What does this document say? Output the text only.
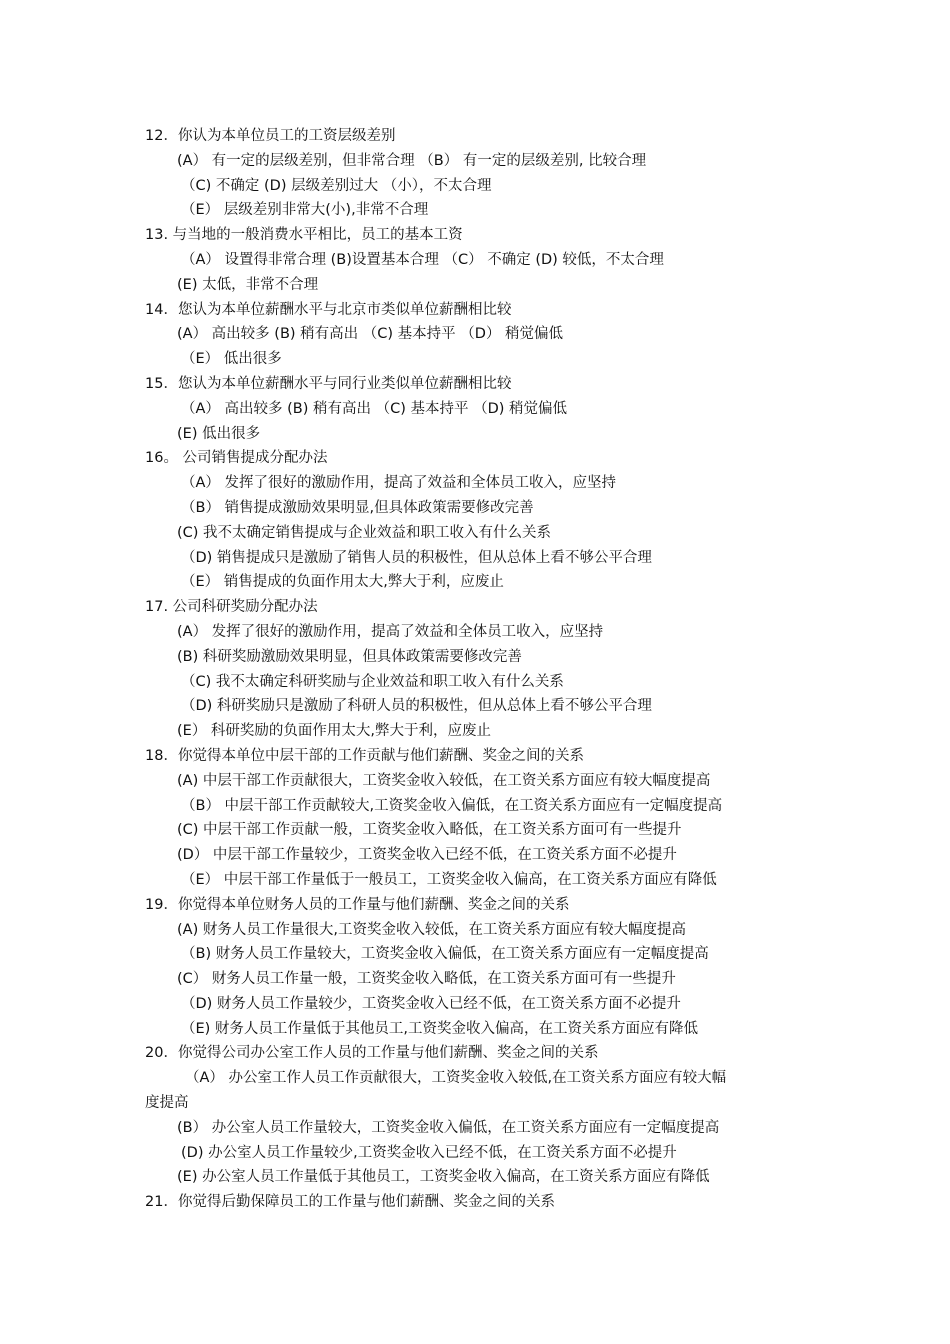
12．你认为本单位员工的工资层级差别
(A） 有一定的层级差别，但非常合理 （B） 有一定的层级差别, 比较合理
（C) 不确定 (D) 层级差别过大 （小），不太合理
（E） 层级差别非常大(小),非常不合理
13. 与当地的一般消费水平相比，员工的基本工资
（A） 设置得非常合理 (B)设置基本合理 （C） 不确定 (D) 较低，不太合理
(E) 太低，非常不合理
14．您认为本单位薪酬水平与北京市类似单位薪酬相比较
(A） 高出较多 (B) 稍有高出 （C) 基本持平 （D） 稍觉偏低
（E） 低出很多
15．您认为本单位薪酬水平与同行业类似单位薪酬相比较
（A） 高出较多 (B) 稍有高出 （C) 基本持平 （D) 稍觉偏低
(E) 低出很多
16。 公司销售提成分配办法
（A） 发挥了很好的激励作用，提高了效益和全体员工收入，应坚持
（B） 销售提成激励效果明显,但具体政策需要修改完善
(C) 我不太确定销售提成与企业效益和职工收入有什么关系
（D) 销售提成只是激励了销售人员的积极性，但从总体上看不够公平合理
（E） 销售提成的负面作用太大,弊大于利，应废止
17. 公司科研奖励分配办法
(A） 发挥了很好的激励作用，提高了效益和全体员工收入，应坚持
(B) 科研奖励激励效果明显，但具体政策需要修改完善
（C) 我不太确定科研奖励与企业效益和职工收入有什么关系
（D) 科研奖励只是激励了科研人员的积极性，但从总体上看不够公平合理
(E） 科研奖励的负面作用太大,弊大于利，应废止
18．你觉得本单位中层干部的工作贡献与他们薪酬、奖金之间的关系
(A) 中层干部工作贡献很大，工资奖金收入较低，在工资关系方面应有较大幅度提高
（B） 中层干部工作贡献较大,工资奖金收入偏低，在工资关系方面应有一定幅度提高
(C) 中层干部工作贡献一般，工资奖金收入略低，在工资关系方面可有一些提升
(D） 中层干部工作量较少，工资奖金收入已经不低，在工资关系方面不必提升
（E） 中层干部工作量低于一般员工，工资奖金收入偏高，在工资关系方面应有降低
19．你觉得本单位财务人员的工作量与他们薪酬、奖金之间的关系
(A) 财务人员工作量很大,工资奖金收入较低，在工资关系方面应有较大幅度提高
（B) 财务人员工作量较大，工资奖金收入偏低，在工资关系方面应有一定幅度提高
(C） 财务人员工作量一般，工资奖金收入略低，在工资关系方面可有一些提升
（D) 财务人员工作量较少，工资奖金收入已经不低，在工资关系方面不必提升
（E) 财务人员工作量低于其他员工,工资奖金收入偏高，在工资关系方面应有降低
20．你觉得公司办公室工作人员的工作量与他们薪酬、奖金之间的关系
（A） 办公室工作人员工作贡献很大，工资奖金收入较低,在工资关系方面应有较大幅
度提高
(B） 办公室人员工作量较大，工资奖金收入偏低，在工资关系方面应有一定幅度提高
(D) 办公室人员工作量较少,工资奖金收入已经不低，在工资关系方面不必提升
(E) 办公室人员工作量低于其他员工，工资奖金收入偏高，在工资关系方面应有降低
21．你觉得后勤保障员工的工作量与他们薪酬、奖金之间的关系
